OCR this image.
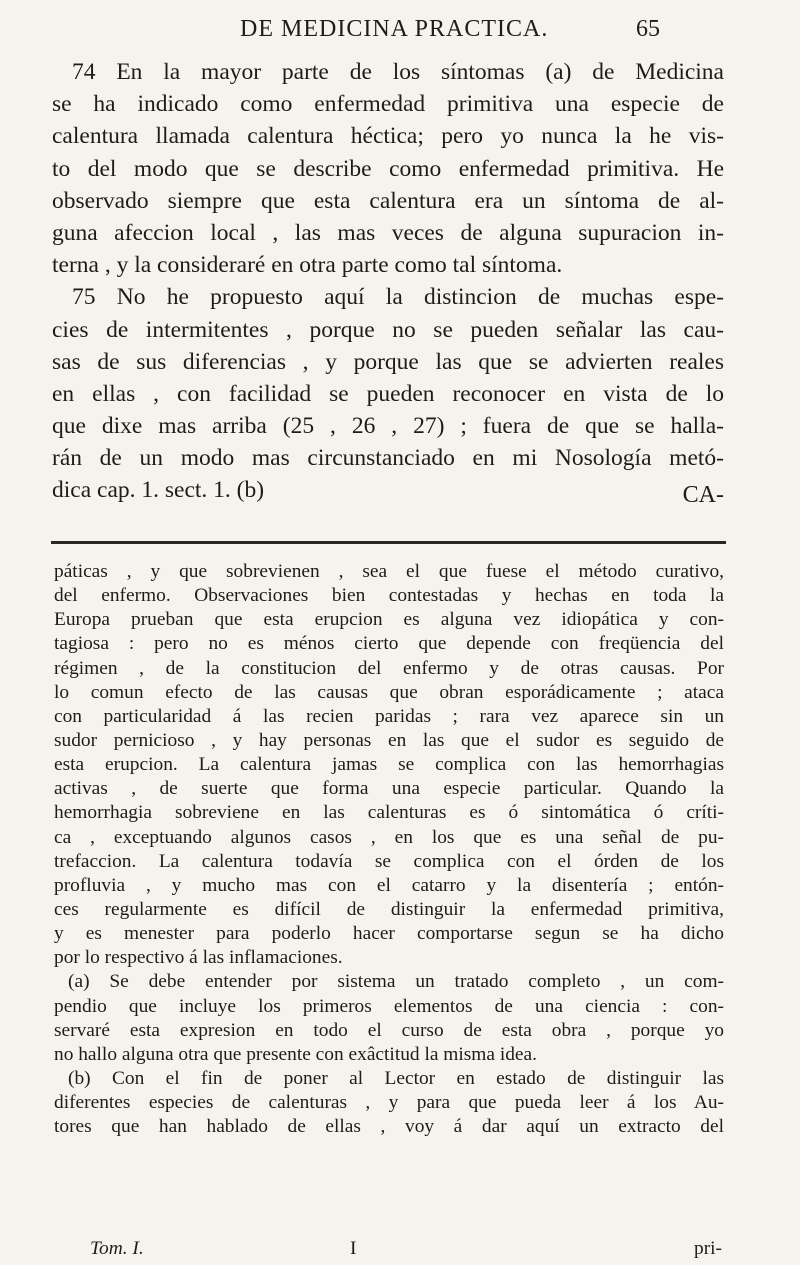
DE MEDICINA PRACTICA.	65
74 En la mayor parte de los síntomas (a) de Medicina
se ha indicado como enfermedad primitiva una especie de
calentura llamada calentura héctica; pero yo nunca la he vis-
to del modo que se describe como enfermedad primitiva. He
observado siempre que esta calentura era un síntoma de al-
guna afeccion local , las mas veces de alguna supuracion in-
terna , y la consideraré en otra parte como tal síntoma.
75 No he propuesto aquí la distincion de muchas espe-
cies de intermitentes , porque no se pueden señalar las cau-
sas de sus diferencias , y porque las que se advierten reales
en ellas , con facilidad se pueden reconocer en vista de lo
que dixe mas arriba (25 , 26 , 27) ; fuera de que se halla-
rán de un modo mas circunstanciado en mi Nosología metó-
dica cap. 1. sect. 1. (b)	CA-
páticas , y que sobrevienen , sea el que fuese el método curativo,
del enfermo. Observaciones bien contestadas y hechas en toda la
Europa prueban que esta erupcion es alguna vez idiopática y con-
tagiosa : pero no es ménos cierto que depende con freqüencia del
régimen , de la constitucion del enfermo y de otras causas. Por
lo comun efecto de las causas que obran esporádicamente ; ataca
con particularidad á las recien paridas ; rara vez aparece sin un
sudor pernicioso , y hay personas en las que el sudor es seguido de
esta erupcion. La calentura jamas se complica con las hemorrhagias
activas , de suerte que forma una especie particular. Quando la
hemorrhagia sobreviene en las calenturas es ó sintomática ó críti-
ca , exceptuando algunos casos , en los que es una señal de pu-
trefaccion. La calentura todavía se complica con el órden de los
profluvia , y mucho mas con el catarro y la disentería ; entón-
ces regularmente es difícil de distinguir la enfermedad primitiva,
y es menester para poderlo hacer comportarse segun se ha dicho
por lo respectivo á las inflamaciones.
(a) Se debe entender por sistema un tratado completo , un com-
pendio que incluye los primeros elementos de una ciencia : con-
servaré esta expresion en todo el curso de esta obra , porque yo
no hallo alguna otra que presente con exâctitud la misma idea.
(b) Con el fin de poner al Lector en estado de distinguir las
diferentes especies de calenturas , y para que pueda leer á los Au-
tores que han hablado de ellas , voy á dar aquí un extracto del
Tom. I.	I	pri-
